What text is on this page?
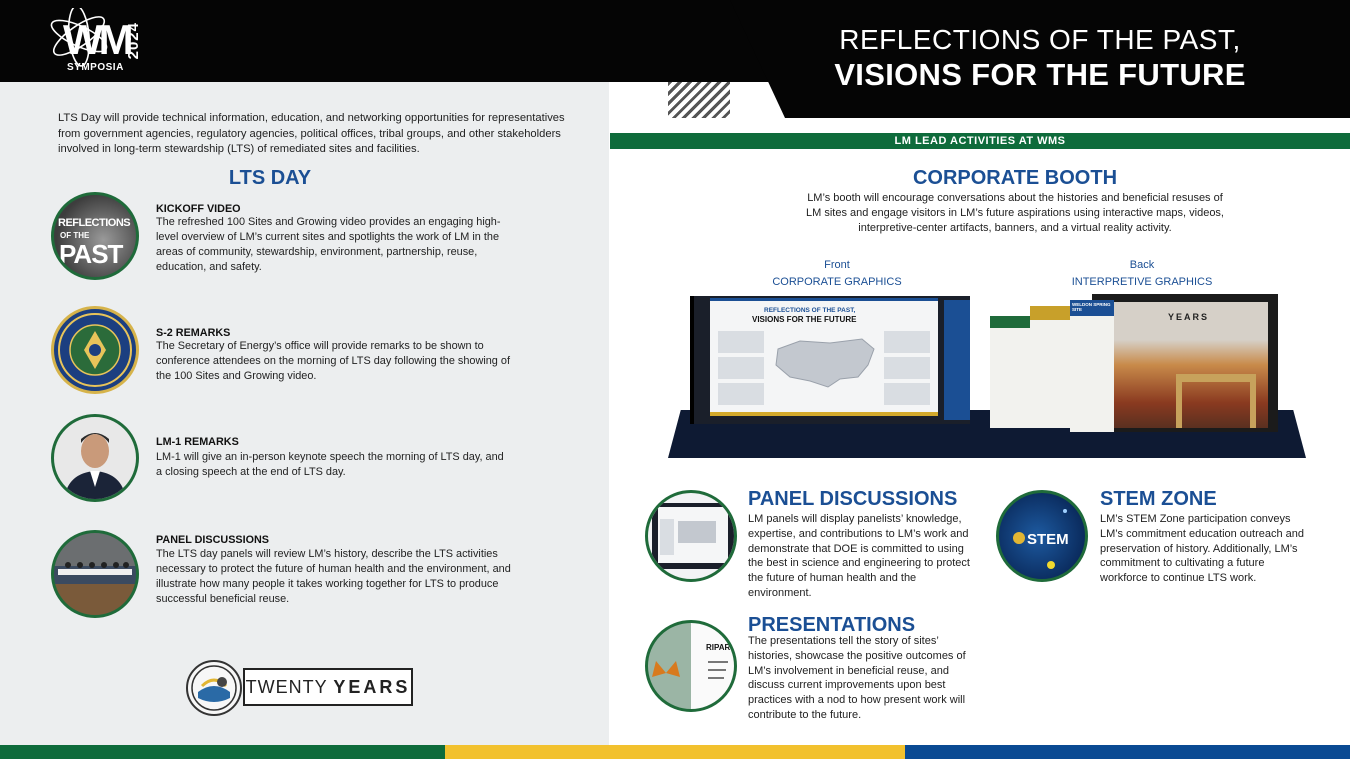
WM
SYMPOSIA
2024	REFLECTIONS OF THE PAST,
VISIONS FOR THE FUTURE
LTS Day will provide technical information, education, and networking opportunities for representatives from government agencies, regulatory agencies, political offices, tribal groups, and other stakeholders involved in long-term stewardship (LTS) of remediated sites and facilities.
LTS DAY
REFLECTIONS
OF THE
PAST
KICKOFF VIDEO
The refreshed 100 Sites and Growing video provides an engaging high-level overview of LM’s current sites and spotlights the work of LM in the areas of community, stewardship, environment, partnership, reuse, education, and safety.
S-2 REMARKS
The Secretary of Energy’s office will provide remarks to be shown to conference attendees on the morning of LTS day following the showing of the 100 Sites and Growing video.
LM-1 REMARKS
LM-1 will give an in-person keynote speech the morning of LTS day, and a closing speech at the end of LTS day.
PANEL DISCUSSIONS
The LTS day panels will review LM’s history, describe the LTS activities necessary to protect the future of human health and the environment, and illustrate how many people it takes working together for LTS to produce successful beneficial reuse.
TWENTY YEARS
LM LEAD ACTIVITIES AT WMS
CORPORATE BOOTH
LM’s booth will encourage conversations about the histories and beneficial resuses of LM sites and engage visitors in LM’s future aspirations using interactive maps, videos, interpretive-center artifacts, banners, and a virtual reality activity.
Front
CORPORATE GRAPHICS
Back
INTERPRETIVE GRAPHICS
REFLECTIONS OF THE PAST,
VISIONS FOR THE FUTURE	YEARS
WELDON SPRING SITE
PANEL DISCUSSIONS
LM panels will display panelists’ knowledge, expertise, and contributions to LM’s work and demonstrate that DOE is committed to using the best in science and engineering to protect the future of human health and the environment.
STEM
STEM ZONE
LM’s STEM Zone participation conveys LM’s commitment education outreach and preservation of history. Additionally, LM’s commitment to cultivating a future workforce to continue LTS work.
RIPAR
PRESENTATIONS
The presentations tell the story of sites’ histories, showcase the positive outcomes of LM’s involvement in beneficial reuse, and discuss current improvements upon best practices with a nod to how present work will contribute to the future.
